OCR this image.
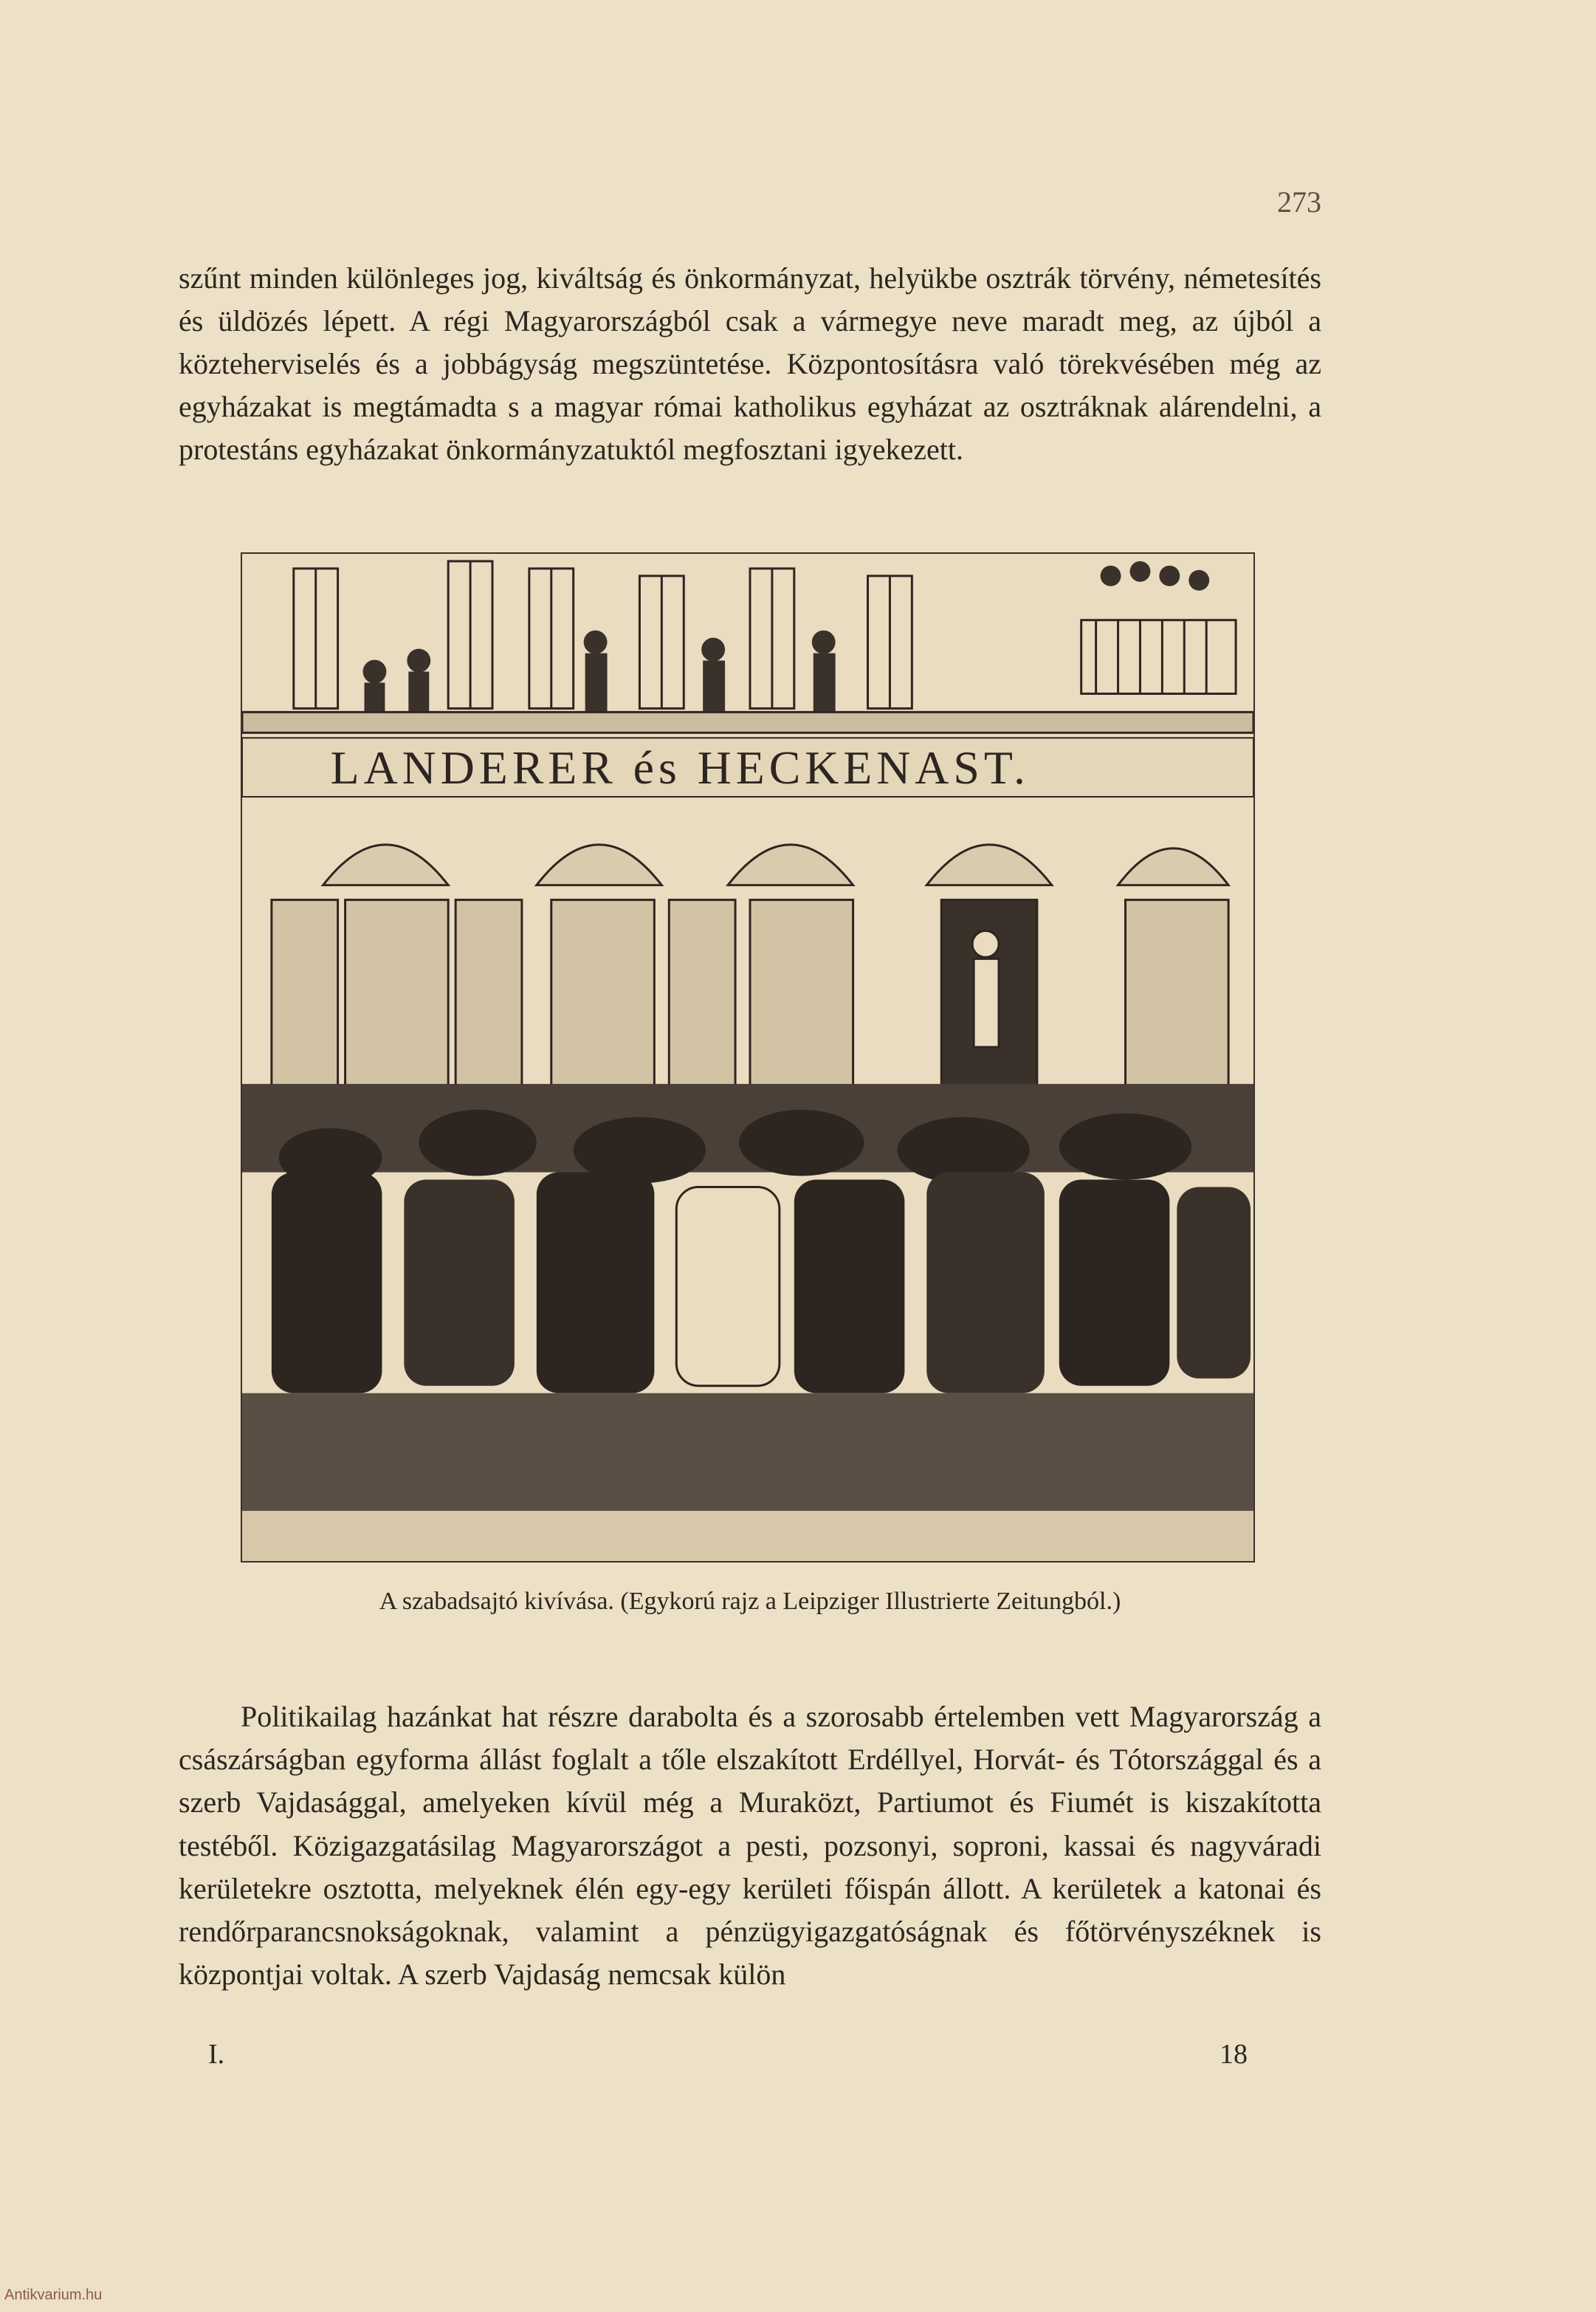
273

szűnt minden különleges jog, kiváltság és önkormányzat, helyükbe osztrák törvény, németesítés és üldözés lépett. A régi Magyarországból csak a vármegye neve maradt meg, az újból a közteherviselés és a jobbágyság megszüntetése. Központosításra való törekvésében még az egyházakat is megtámadta s a magyar római katholikus egyházat az osztráknak alárendelni, a protestáns egyházakat önkormányzatuktól megfosztani igyekezett.

LANDERER és HECKENAST.
A szabadsajtó kivívása. (Egykorú rajz a Leipziger Illustrierte Zeitungból.)

Politikailag hazánkat hat részre darabolta és a szorosabb értelemben vett Magyarország a császárságban egyforma állást foglalt a tőle elszakított Erdéllyel, Horvát- és Tótországgal és a szerb Vajdasággal, amelyeken kívül még a Muraközt, Partiumot és Fiumét is kiszakította testéből. Közigazgatásilag Magyarországot a pesti, pozsonyi, soproni, kassai és nagyváradi kerületekre osztotta, melyeknek élén egy-egy kerületi főispán állott. A kerületek a katonai és rendőrparancsnokságoknak, valamint a pénzügyigazgatóságnak és főtörvényszéknek is központjai voltak. A szerb Vajdaság nemcsak külön

I.	18
Antikvarium.hu
